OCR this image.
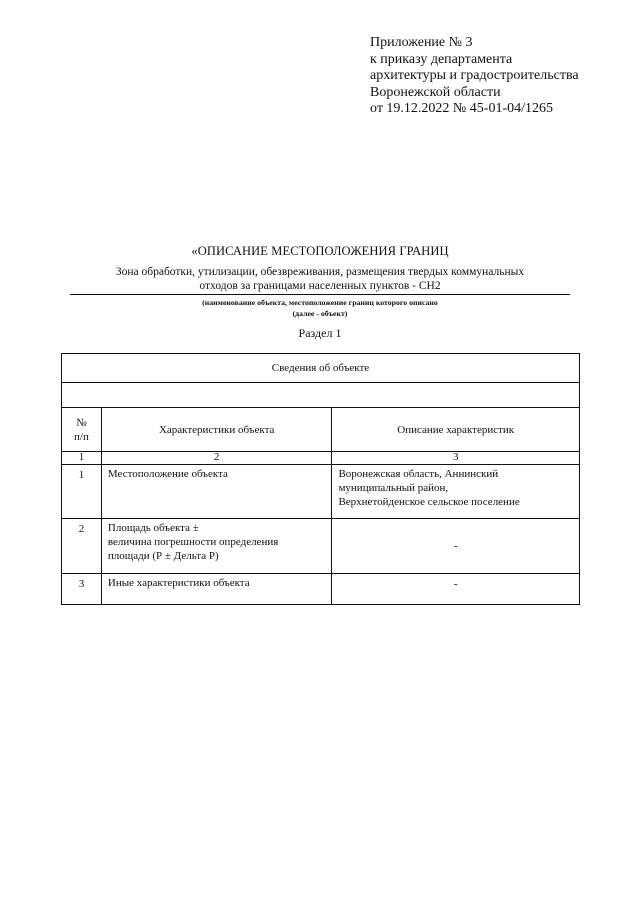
Приложение № 3
к приказу департамента
архитектуры и градостроительства
Воронежской области
от 19.12.2022 № 45-01-04/1265
«ОПИСАНИЕ МЕСТОПОЛОЖЕНИЯ ГРАНИЦ
Зона обработки, утилизации, обезвреживания, размещения твердых коммунальных
отходов за границами населенных пунктов - СН2
(наименование объекта, местоположение границ которого описано
(далее - объект)
Раздел 1
Сведения об объекте		

№
п/п	Характеристики объекта	Описание характеристик
1	2	3
1	Местоположение объекта	Воронежская область, Аннинский
муниципальный район,
Верхнетойденское сельское поселение

2	Площадь объекта ±
величина погрешности определения
площади (Р ± Дельта Р)	-
3	Иные характеристики объекта	-
